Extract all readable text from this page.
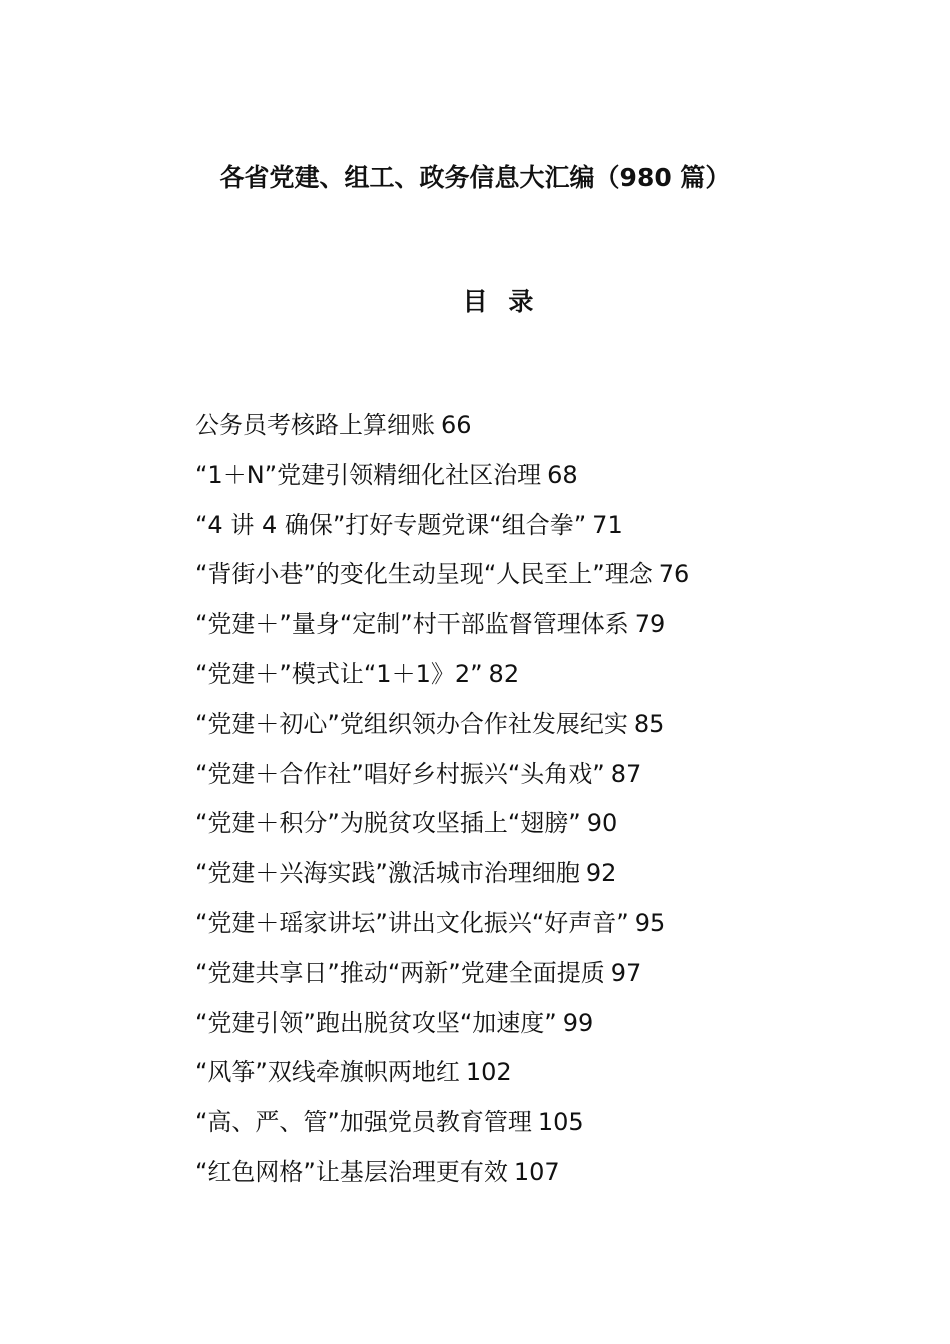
各省党建、组工、政务信息大汇编（980 篇）
目 录
公务员考核路上算细账 66
“1＋N”党建引领精细化社区治理 68
“4 讲 4 确保”打好专题党课“组合拳” 71
“背街小巷”的变化生动呈现“人民至上”理念 76
“党建＋”量身“定制”村干部监督管理体系 79
“党建＋”模式让“1＋1》2” 82
“党建＋初心”党组织领办合作社发展纪实 85
“党建＋合作社”唱好乡村振兴“头角戏” 87
“党建＋积分”为脱贫攻坚插上“翅膀” 90
“党建＋兴海实践”激活城市治理细胞 92
“党建＋瑶家讲坛”讲出文化振兴“好声音” 95
“党建共享日”推动“两新”党建全面提质 97
“党建引领”跑出脱贫攻坚“加速度” 99
“风筝”双线牵旗帜两地红 102
“高、严、管”加强党员教育管理 105
“红色网格”让基层治理更有效 107
